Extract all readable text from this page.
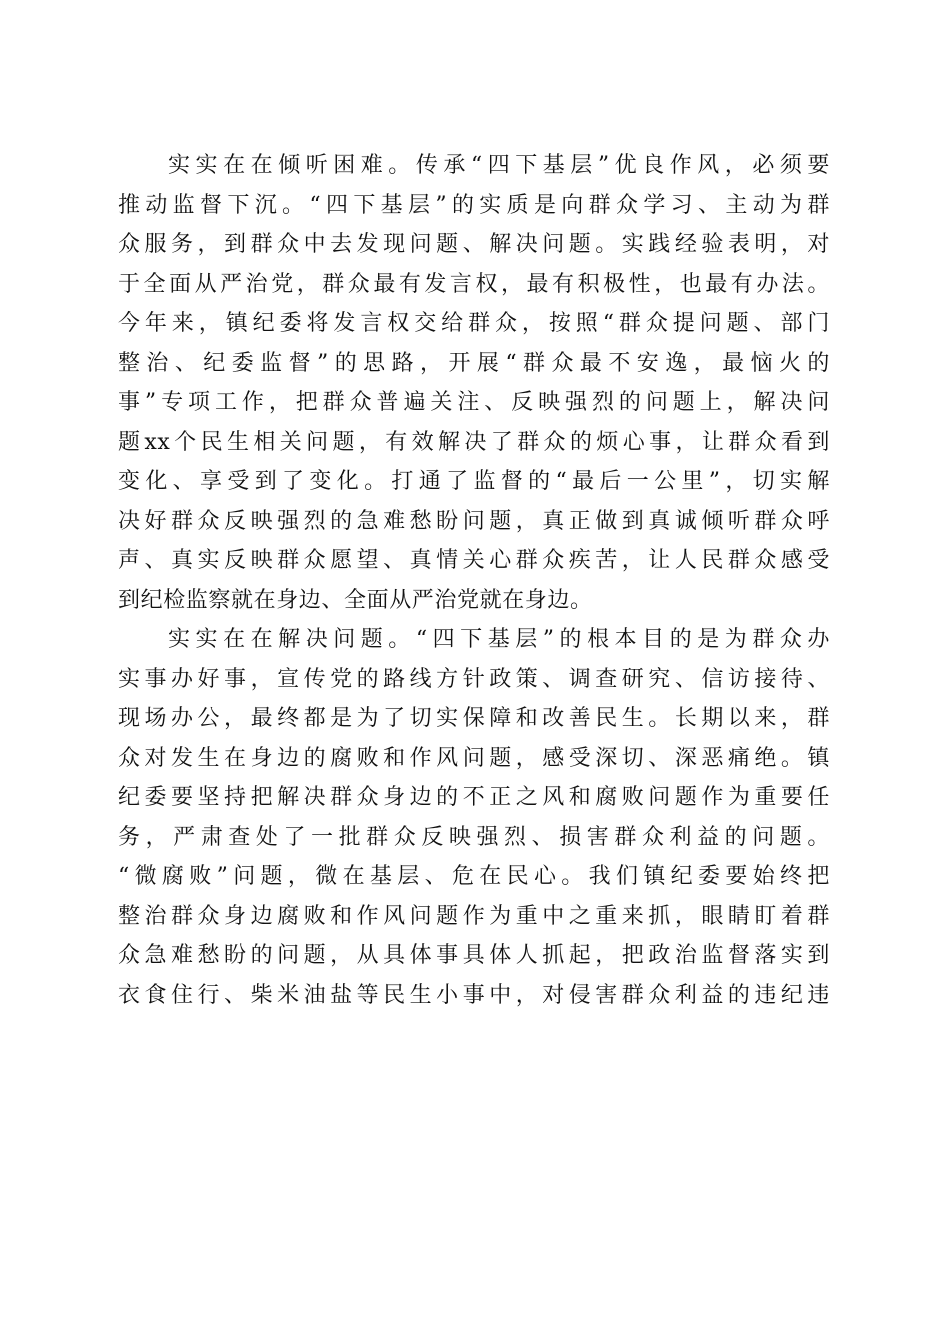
实实在在倾听困难。传承“四下基层”优良作风，必须要
推动监督下沉。“四下基层”的实质是向群众学习、主动为群
众服务，到群众中去发现问题、解决问题。实践经验表明，对
于全面从严治党，群众最有发言权，最有积极性，也最有办法。
今年来，镇纪委将发言权交给群众，按照“群众提问题、部门
整治、纪委监督”的思路，开展“群众最不安逸，最恼火的
事”专项工作，把群众普遍关注、反映强烈的问题上，解决问
题xx个民生相关问题，有效解决了群众的烦心事，让群众看到
变化、享受到了变化。打通了监督的“最后一公里”，切实解
决好群众反映强烈的急难愁盼问题，真正做到真诚倾听群众呼
声、真实反映群众愿望、真情关心群众疾苦，让人民群众感受
到纪检监察就在身边、全面从严治党就在身边。
实实在在解决问题。“四下基层”的根本目的是为群众办
实事办好事，宣传党的路线方针政策、调查研究、信访接待、
现场办公，最终都是为了切实保障和改善民生。长期以来，群
众对发生在身边的腐败和作风问题，感受深切、深恶痛绝。镇
纪委要坚持把解决群众身边的不正之风和腐败问题作为重要任
务，严肃查处了一批群众反映强烈、损害群众利益的问题。
“微腐败”问题，微在基层、危在民心。我们镇纪委要始终把
整治群众身边腐败和作风问题作为重中之重来抓，眼睛盯着群
众急难愁盼的问题，从具体事具体人抓起，把政治监督落实到
衣食住行、柴米油盐等民生小事中，对侵害群众利益的违纪违
